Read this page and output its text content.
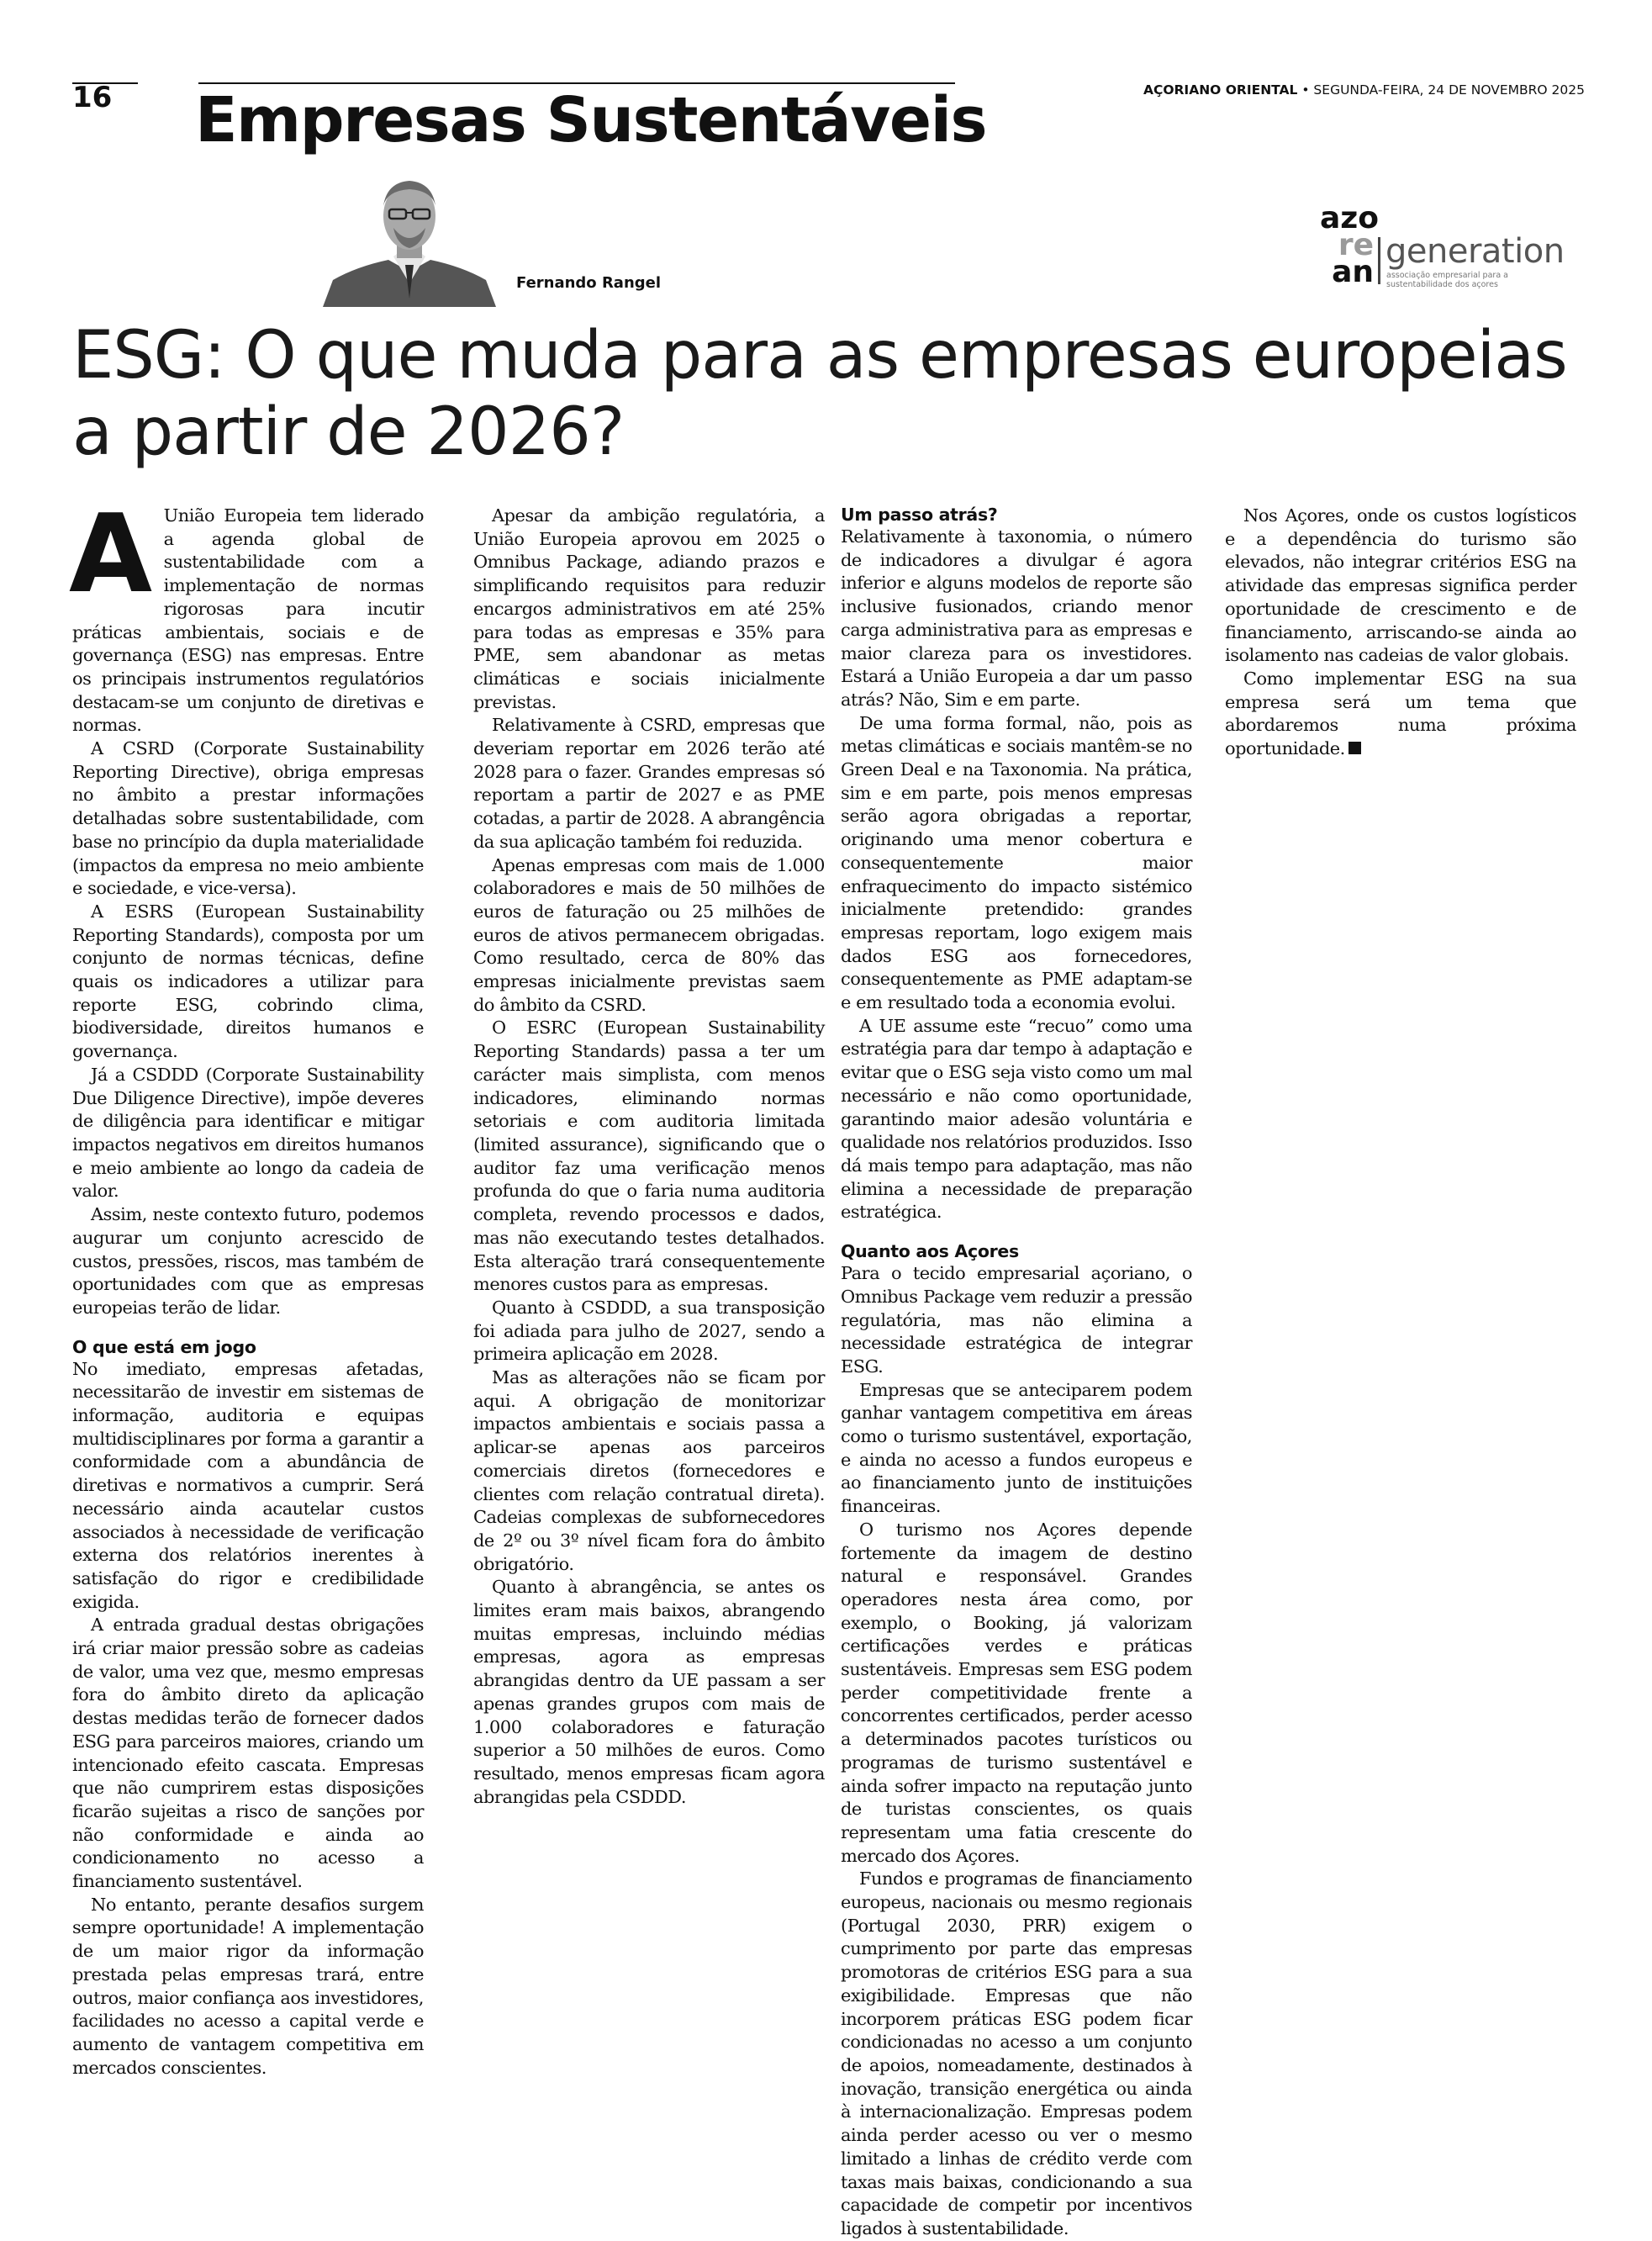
16 Empresas Sustentáveis	AÇORIANO ORIENTAL • SEGUNDA-FEIRA, 24 DE NOVEMBRO 2025
Fernando Rangel
azo
re
an
generation
associação empresarial para a sustentabilidade dos açores
ESG: O que muda para as empresas europeias a partir de 2026?

A União Europeia tem liderado a agenda global de sustentabilidade com a implementação de normas rigorosas para incutir práticas ambientais, sociais e de governança (ESG) nas empresas. Entre os principais instrumentos regulatórios destacam-se um conjunto de diretivas e normas.

A CSRD (Corporate Sustainability Reporting Directive), obriga empresas no âmbito a prestar informações detalhadas sobre sustentabilidade, com base no princípio da dupla materialidade (impactos da empresa no meio ambiente e sociedade, e vice-versa).

A ESRS (European Sustainability Reporting Standards), composta por um conjunto de normas técnicas, define quais os indicadores a utilizar para reporte ESG, cobrindo clima, biodiversidade, direitos humanos e governança.

Já a CSDDD (Corporate Sustainability Due Diligence Directive), impõe deveres de diligência para identificar e mitigar impactos negativos em direitos humanos e meio ambiente ao longo da cadeia de valor.

Assim, neste contexto futuro, podemos augurar um conjunto acrescido de custos, pressões, riscos, mas também de oportunidades com que as empresas europeias terão de lidar.

O que está em jogo

No imediato, empresas afetadas, necessitarão de investir em sistemas de informação, auditoria e equipas multidisciplinares por forma a garantir a conformidade com a abundância de diretivas e normativos a cumprir. Será necessário ainda acautelar custos associados à necessidade de verificação externa dos relatórios inerentes à satisfação do rigor e credibilidade exigida.

A entrada gradual destas obrigações irá criar maior pressão sobre as cadeias de valor, uma vez que, mesmo empresas fora do âmbito direto da aplicação destas medidas terão de fornecer dados ESG para parceiros maiores, criando um intencionado efeito cascata. Empresas que não cumprirem estas disposições ficarão sujeitas a risco de sanções por não conformidade e ainda ao condicionamento no acesso a financiamento sustentável.

No entanto, perante desafios surgem sempre oportunidade! A implementação de um maior rigor da informação prestada pelas empresas trará, entre outros, maior confiança aos investidores, facilidades no acesso a capital verde e aumento de vantagem competitiva em mercados conscientes.

Apesar da ambição regulatória, a União Europeia aprovou em 2025 o Omnibus Package, adiando prazos e simplificando requisitos para reduzir encargos administrativos em até 25% para todas as empresas e 35% para PME, sem abandonar as metas climáticas e sociais inicialmente previstas.

Relativamente à CSRD, empresas que deveriam reportar em 2026 terão até 2028 para o fazer. Grandes empresas só reportam a partir de 2027 e as PME cotadas, a partir de 2028. A abrangência da sua aplicação também foi reduzida.

Apenas empresas com mais de 1.000 colaboradores e mais de 50 milhões de euros de faturação ou 25 milhões de euros de ativos permanecem obrigadas. Como resultado, cerca de 80% das empresas inicialmente previstas saem do âmbito da CSRD.

O ESRC (European Sustainability Reporting Standards) passa a ter um carácter mais simplista, com menos indicadores, eliminando normas setoriais e com auditoria limitada (limited assurance), significando que o auditor faz uma verificação menos profunda do que o faria numa auditoria completa, revendo processos e dados, mas não executando testes detalhados. Esta alteração trará consequentemente menores custos para as empresas.

Quanto à CSDDD, a sua transposição foi adiada para julho de 2027, sendo a primeira aplicação em 2028.

Mas as alterações não se ficam por aqui. A obrigação de monitorizar impactos ambientais e sociais passa a aplicar-se apenas aos parceiros comerciais diretos (fornecedores e clientes com relação contratual direta). Cadeias complexas de subfornecedores de 2º ou 3º nível ficam fora do âmbito obrigatório.

Quanto à abrangência, se antes os limites eram mais baixos, abrangendo muitas empresas, incluindo médias empresas, agora as empresas abrangidas dentro da UE passam a ser apenas grandes grupos com mais de 1.000 colaboradores e faturação superior a 50 milhões de euros. Como resultado, menos empresas ficam agora abrangidas pela CSDDD.

Um passo atrás?

Relativamente à taxonomia, o número de indicadores a divulgar é agora inferior e alguns modelos de reporte são inclusive fusionados, criando menor carga administrativa para as empresas e maior clareza para os investidores. Estará a União Europeia a dar um passo atrás? Não, Sim e em parte.

De uma forma formal, não, pois as metas climáticas e sociais mantêm-se no Green Deal e na Taxonomia. Na prática, sim e em parte, pois menos empresas serão agora obrigadas a reportar, originando uma menor cobertura e consequentemente maior enfraquecimento do impacto sistémico inicialmente pretendido: grandes empresas reportam, logo exigem mais dados ESG aos fornecedores, consequentemente as PME adaptam-se e em resultado toda a economia evolui.

A UE assume este “recuo” como uma estratégia para dar tempo à adaptação e evitar que o ESG seja visto como um mal necessário e não como oportunidade, garantindo maior adesão voluntária e qualidade nos relatórios produzidos. Isso dá mais tempo para adaptação, mas não elimina a necessidade de preparação estratégica.

Quanto aos Açores

Para o tecido empresarial açoriano, o Omnibus Package vem reduzir a pressão regulatória, mas não elimina a necessidade estratégica de integrar ESG.

Empresas que se anteciparem podem ganhar vantagem competitiva em áreas como o turismo sustentável, exportação, e ainda no acesso a fundos europeus e ao financiamento junto de instituições financeiras.

O turismo nos Açores depende fortemente da imagem de destino natural e responsável. Grandes operadores nesta área como, por exemplo, o Booking, já valorizam certificações verdes e práticas sustentáveis. Empresas sem ESG podem perder competitividade frente a concorrentes certificados, perder acesso a determinados pacotes turísticos ou programas de turismo sustentável e ainda sofrer impacto na reputação junto de turistas conscientes, os quais representam uma fatia crescente do mercado dos Açores.

Fundos e programas de financiamento europeus, nacionais ou mesmo regionais (Portugal 2030, PRR) exigem o cumprimento por parte das empresas promotoras de critérios ESG para a sua exigibilidade. Empresas que não incorporem práticas ESG podem ficar condicionadas no acesso a um conjunto de apoios, nomeadamente, destinados à inovação, transição energética ou ainda à internacionalização. Empresas podem ainda perder acesso ou ver o mesmo limitado a linhas de crédito verde com taxas mais baixas, condicionando a sua capacidade de competir por incentivos ligados à sustentabilidade.

Nos Açores, onde os custos logísticos e a dependência do turismo são elevados, não integrar critérios ESG na atividade das empresas significa perder oportunidade de crescimento e de financiamento, arriscando-se ainda ao isolamento nas cadeias de valor globais.

Como implementar ESG na sua empresa será um tema que abordaremos numa próxima oportunidade.
